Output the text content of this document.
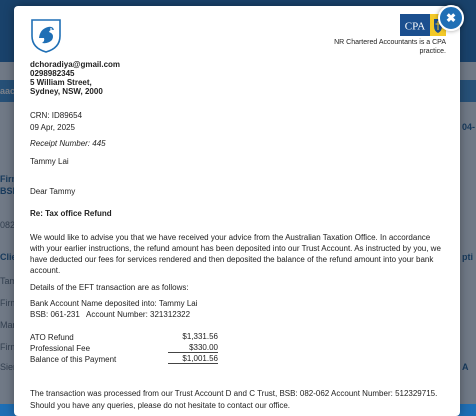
CPA
NR Chartered Accountants is a CPA practice.
dchoradiya@gmail.com
0298982345
5 William Street,
Sydney, NSW, 2000
CRN: ID89654
09 Apr, 2025
Receipt Number: 445
Tammy Lai
Dear Tammy
Re: Tax office Refund
We would like to advise you that we have received your advice from the Australian Taxation Office. In accordance with your earlier instructions, the refund amount has been deposited into our Trust Account. As instructed by you, we have deducted our fees for services rendered and then deposited the balance of the refund amount into your bank account.
Details of the EFT transaction are as follows:
Bank Account Name deposited into: Tammy Lai
BSB: 061-231 Account Number: 321312322
ATO Refund	$1,331.56
Professional Fee	$330.00
Balance of this Payment	$1,001.56
The transaction was processed from our Trust Account D and C Trust, BSB: 082-062 Account Number: 512329715.
Should you have any queries, please do not hesitate to contact our office.
✖
